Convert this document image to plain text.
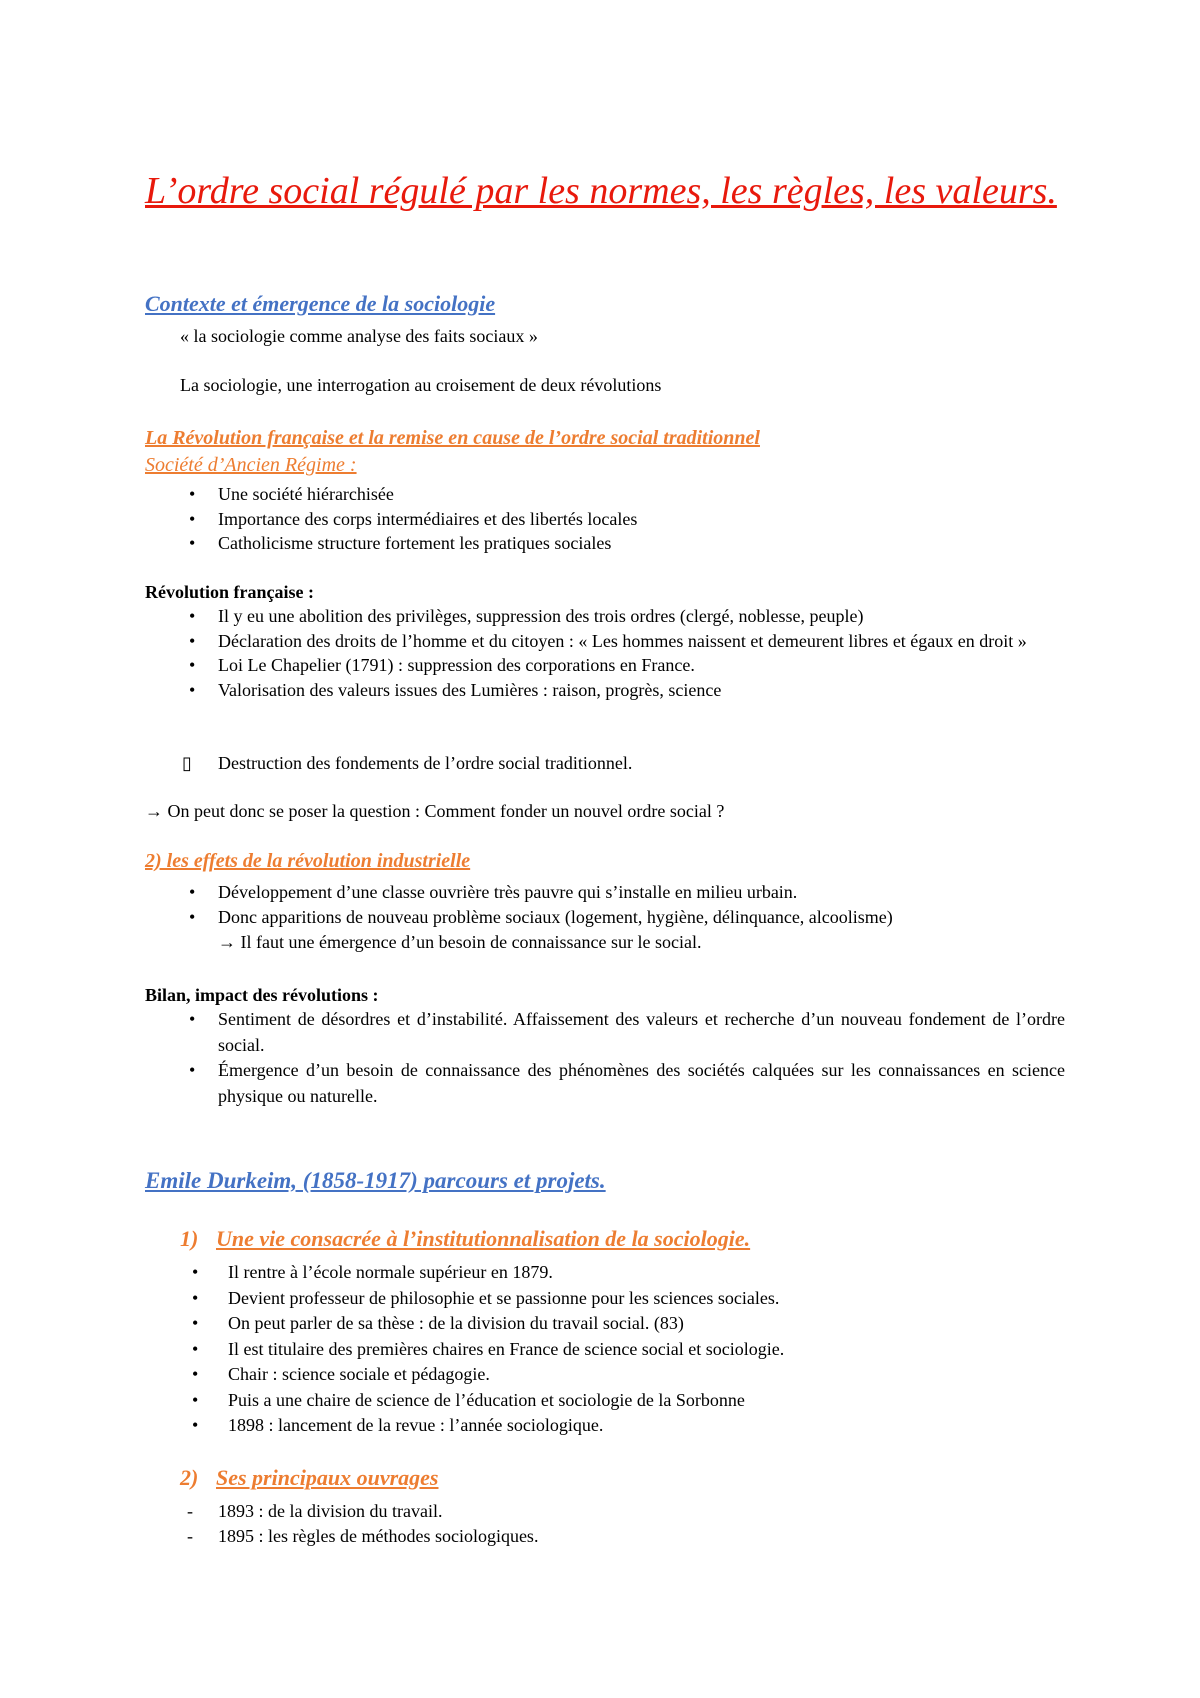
L’ordre social régulé par les normes, les règles, les valeurs.
Contexte et émergence de la sociologie

« la sociologie comme analyse des faits sociaux »

La sociologie, une interrogation au croisement de deux révolutions

La Révolution française et la remise en cause de l’ordre social traditionnel
Société d’Ancien Régime :
• Une société hiérarchisée
• Importance des corps intermédiaires et des libertés locales
• Catholicisme structure fortement les pratiques sociales

Révolution française :

• Il y eu une abolition des privilèges, suppression des trois ordres (clergé, noblesse, peuple)
• Déclaration des droits de l’homme et du citoyen : « Les hommes naissent et demeurent libres et égaux en droit »
• Loi Le Chapelier (1791) : suppression des corporations en France.
• Valorisation des valeurs issues des Lumières : raison, progrès, science

▯ Destruction des fondements de l’ordre social traditionnel.

→ On peut donc se poser la question : Comment fonder un nouvel ordre social ?

2) les effets de la révolution industrielle
• Développement d’une classe ouvrière très pauvre qui s’installe en milieu urbain.
• Donc apparitions de nouveau problème sociaux (logement, hygiène, délinquance, alcoolisme)

→ Il faut une émergence d’un besoin de connaissance sur le social.

Bilan, impact des révolutions :

• Sentiment de désordres et d’instabilité. Affaissement des valeurs et recherche d’un nouveau fondement de l’ordre social.
• Émergence d’un besoin de connaissance des phénomènes des sociétés calquées sur les connaissances en science physique ou naturelle.
Emile Durkeim, (1858-1917) parcours et projets.

1) Une vie consacrée à l’institutionnalisation de la sociologie.

• Il rentre à l’école normale supérieur en 1879.
• Devient professeur de philosophie et se passionne pour les sciences sociales.
• On peut parler de sa thèse : de la division du travail social. (83)
• Il est titulaire des premières chaires en France de science social et sociologie.
• Chair : science sociale et pédagogie.
• Puis a une chaire de science de l’éducation et sociologie de la Sorbonne
• 1898 : lancement de la revue : l’année sociologique.

2) Ses principaux ouvrages

- 1893 : de la division du travail.
- 1895 : les règles de méthodes sociologiques.
